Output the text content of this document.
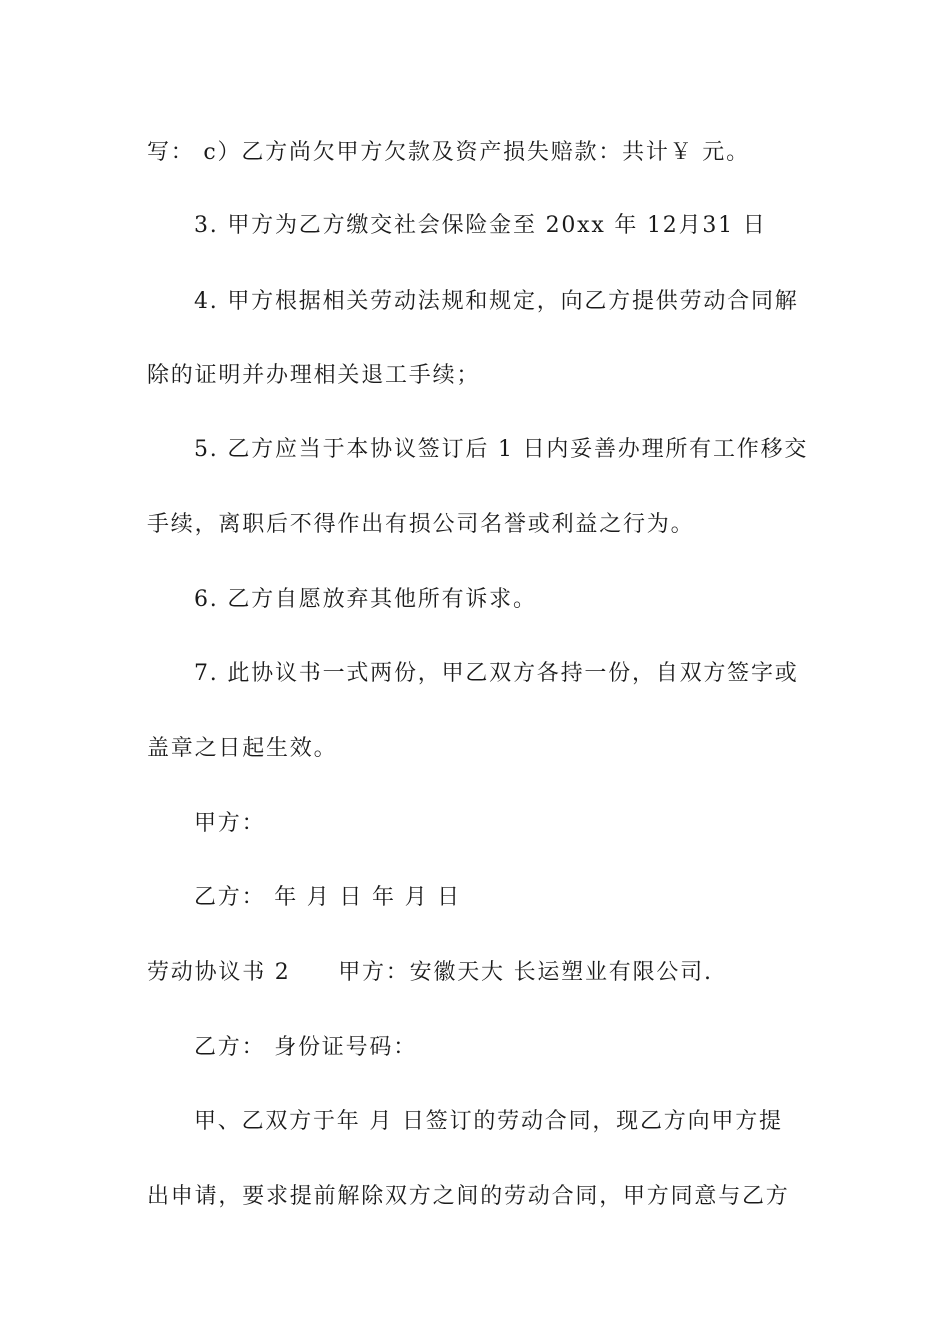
写： c）乙方尚欠甲方欠款及资产损失赔款：共计￥ 元。
3. 甲方为乙方缴交社会保险金至 20xx 年 12月31 日
4. 甲方根据相关劳动法规和规定，向乙方提供劳动合同解
除的证明并办理相关退工手续；
5. 乙方应当于本协议签订后 1 日内妥善办理所有工作移交
手续，离职后不得作出有损公司名誉或利益之行为。
6. 乙方自愿放弃其他所有诉求。
7. 此协议书一式两份，甲乙双方各持一份，自双方签字或
盖章之日起生效。
甲方：
乙方： 年 月 日 年 月 日
劳动协议书 2　　甲方：安徽天大 长运塑业有限公司.
乙方： 身份证号码：
甲、乙双方于年 月 日签订的劳动合同，现乙方向甲方提
出申请，要求提前解除双方之间的劳动合同，甲方同意与乙方
